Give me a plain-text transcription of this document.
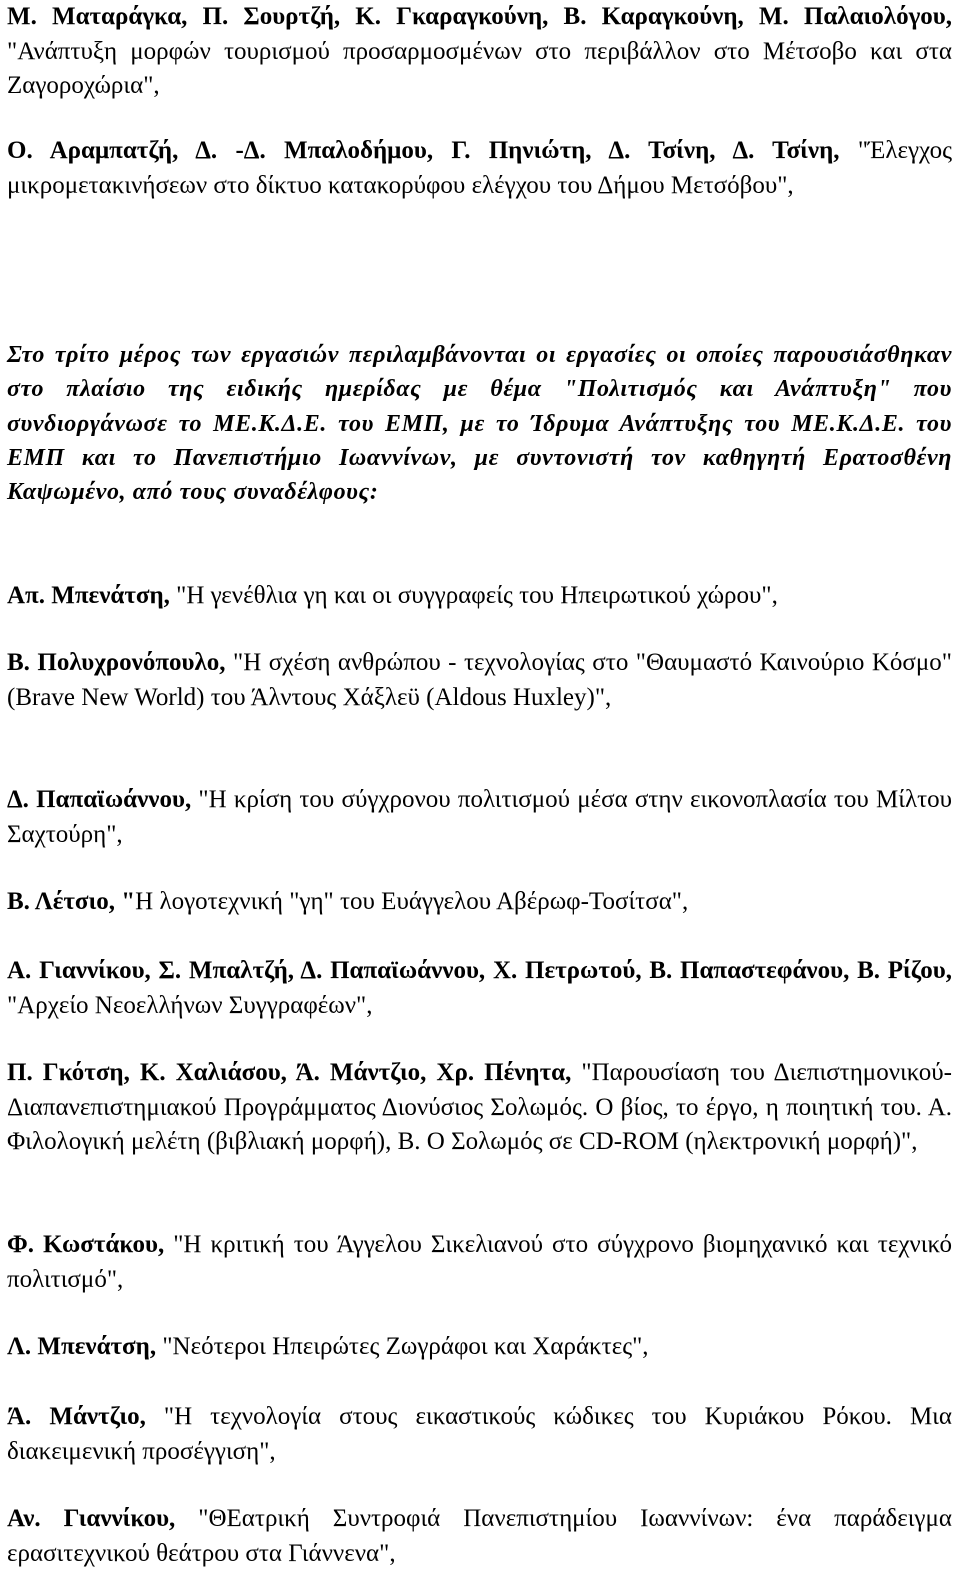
Μ. Ματαράγκα, Π. Σουρτζή, Κ. Γκαραγκούνη, Β. Καραγκούνη, Μ. Παλαιολόγου, "Ανάπτυξη μορφών τουρισμού προσαρμοσμένων στο περιβάλλον στο Μέτσοβο και στα Ζαγοροχώρια",

Ο. Αραμπατζή, Δ. -Δ. Μπαλοδήμου, Γ. Πηνιώτη, Δ. Τσίνη, Δ. Τσίνη, "Έλεγχος μικρομετακινήσεων στο δίκτυο κατακορύφου ελέγχου του Δήμου Μετσόβου",

Στο τρίτο μέρος των εργασιών περιλαμβάνονται οι εργασίες οι οποίες παρουσιάσθηκαν στο πλαίσιο της ειδικής ημερίδας με θέμα "Πολιτισμός και Ανάπτυξη" που συνδιοργάνωσε το ΜΕ.Κ.Δ.Ε. του ΕΜΠ, με το Ίδρυμα Ανάπτυξης του ΜΕ.Κ.Δ.Ε. του ΕΜΠ και το Πανεπιστήμιο Ιωαννίνων, με συντονιστή τον καθηγητή Ερατοσθένη Καψωμένο, από τους συναδέλφους:

Απ. Μπενάτση, "Η γενέθλια γη και οι συγγραφείς του Ηπειρωτικού χώρου",

Β. Πολυχρονόπουλο, "Η σχέση ανθρώπου - τεχνολογίας στο "Θαυμαστό Καινούριο Κόσμο" (Brave New World) του Άλντους Χάξλεϋ (Aldous Huxley)",

Δ. Παπαϊωάννου, "Η κρίση του σύγχρονου πολιτισμού μέσα στην εικονοπλασία του Μίλτου Σαχτούρη",

Β. Λέτσιο, "Η λογοτεχνική "γη" του Ευάγγελου Αβέρωφ-Τοσίτσα",

Α. Γιαννίκου, Σ. Μπαλτζή, Δ. Παπαϊωάννου, Χ. Πετρωτού, Β. Παπαστεφάνου, Β. Ρίζου, "Αρχείο Νεοελλήνων Συγγραφέων",

Π. Γκότση, Κ. Χαλιάσου, Ά. Μάντζιο, Χρ. Πένητα, "Παρουσίαση του Διεπιστημονικού-Διαπανεπιστημιακού Προγράμματος Διονύσιος Σολωμός. Ο βίος, το έργο, η ποιητική του. Α. Φιλολογική μελέτη (βιβλιακή μορφή), Β. Ο Σολωμός σε CD-ROM (ηλεκτρονική μορφή)",

Φ. Κωστάκου, "Η κριτική του Άγγελου Σικελιανού στο σύγχρονο βιομηχανικό και τεχνικό πολιτισμό",

Λ. Μπενάτση, "Νεότεροι Ηπειρώτες Ζωγράφοι και Χαράκτες",

Ά. Μάντζιο, "Η τεχνολογία στους εικαστικούς κώδικες του Κυριάκου Ρόκου. Μια διακειμενική προσέγγιση",

Αν. Γιαννίκου, "ΘΕατρική Συντροφιά Πανεπιστημίου Ιωαννίνων: ένα παράδειγμα ερασιτεχνικού θεάτρου στα Γιάννενα",
